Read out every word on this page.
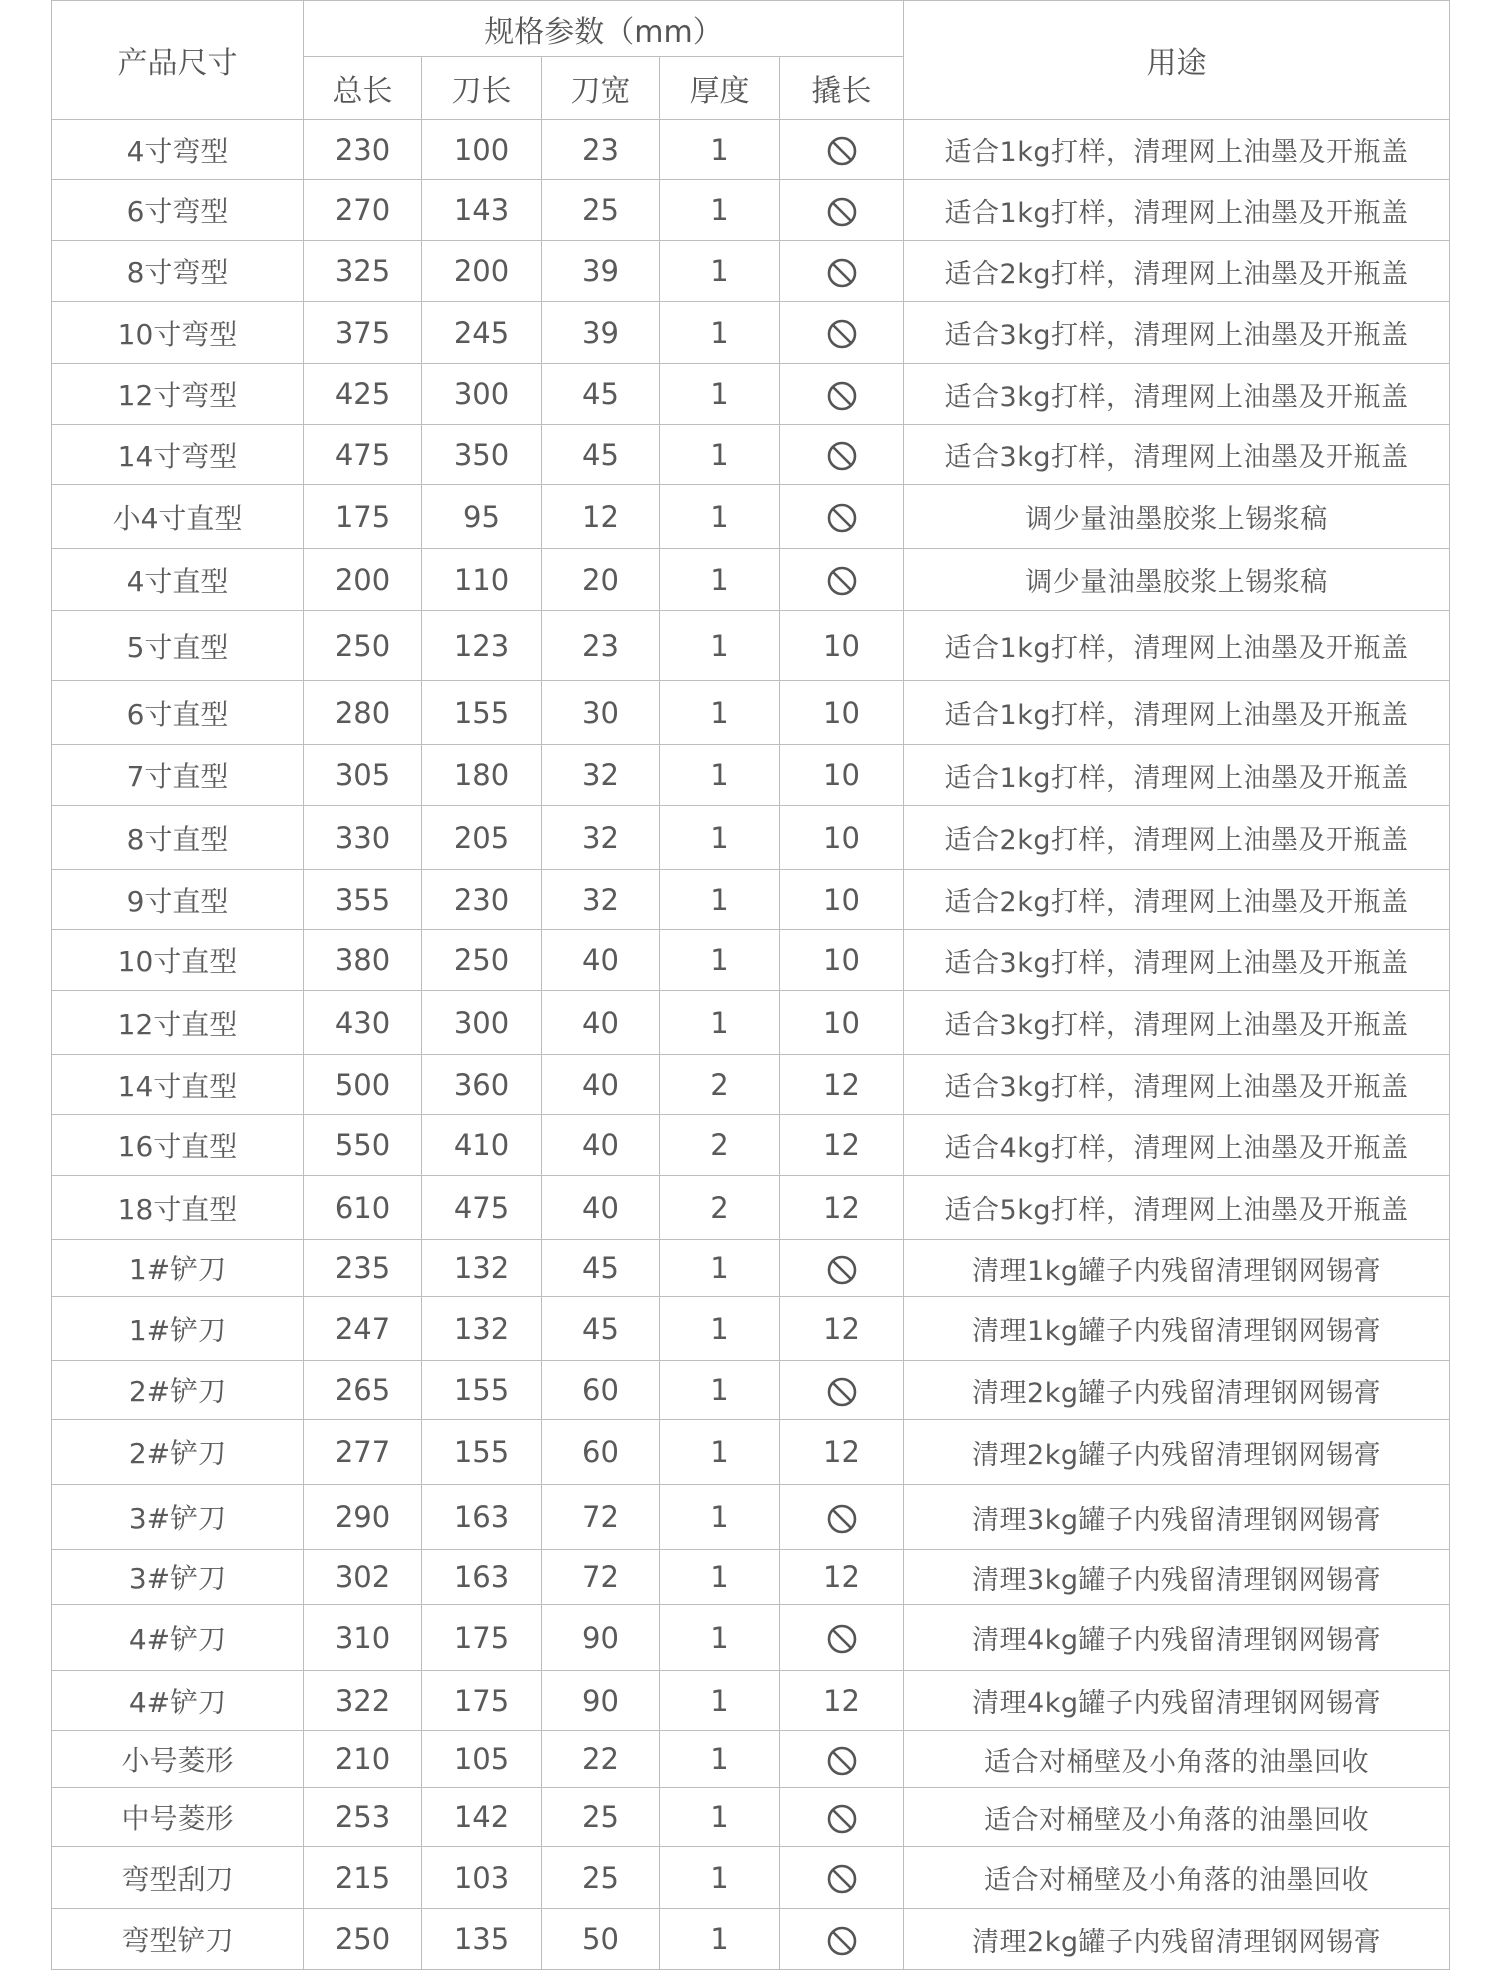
产品尺寸	规格参数（mm）					用途
	总长	刀长	刀宽	厚度	撬长	
4寸弯型	230	100	23	1		适合1kg打样，清理网上油墨及开瓶盖
6寸弯型	270	143	25	1		适合1kg打样，清理网上油墨及开瓶盖
8寸弯型	325	200	39	1		适合2kg打样，清理网上油墨及开瓶盖
10寸弯型	375	245	39	1		适合3kg打样，清理网上油墨及开瓶盖
12寸弯型	425	300	45	1		适合3kg打样，清理网上油墨及开瓶盖
14寸弯型	475	350	45	1		适合3kg打样，清理网上油墨及开瓶盖
小4寸直型	175	95	12	1		调少量油墨胶浆上锡浆稿
4寸直型	200	110	20	1		调少量油墨胶浆上锡浆稿
5寸直型	250	123	23	1	10	适合1kg打样，清理网上油墨及开瓶盖
6寸直型	280	155	30	1	10	适合1kg打样，清理网上油墨及开瓶盖
7寸直型	305	180	32	1	10	适合1kg打样，清理网上油墨及开瓶盖
8寸直型	330	205	32	1	10	适合2kg打样，清理网上油墨及开瓶盖
9寸直型	355	230	32	1	10	适合2kg打样，清理网上油墨及开瓶盖
10寸直型	380	250	40	1	10	适合3kg打样，清理网上油墨及开瓶盖
12寸直型	430	300	40	1	10	适合3kg打样，清理网上油墨及开瓶盖
14寸直型	500	360	40	2	12	适合3kg打样，清理网上油墨及开瓶盖
16寸直型	550	410	40	2	12	适合4kg打样，清理网上油墨及开瓶盖
18寸直型	610	475	40	2	12	适合5kg打样，清理网上油墨及开瓶盖
1#铲刀	235	132	45	1		清理1kg罐子内残留清理钢网锡膏
1#铲刀	247	132	45	1	12	清理1kg罐子内残留清理钢网锡膏
2#铲刀	265	155	60	1		清理2kg罐子内残留清理钢网锡膏
2#铲刀	277	155	60	1	12	清理2kg罐子内残留清理钢网锡膏
3#铲刀	290	163	72	1		清理3kg罐子内残留清理钢网锡膏
3#铲刀	302	163	72	1	12	清理3kg罐子内残留清理钢网锡膏
4#铲刀	310	175	90	1		清理4kg罐子内残留清理钢网锡膏
4#铲刀	322	175	90	1	12	清理4kg罐子内残留清理钢网锡膏
小号菱形	210	105	22	1		适合对桶壁及小角落的油墨回收
中号菱形	253	142	25	1		适合对桶壁及小角落的油墨回收
弯型刮刀	215	103	25	1		适合对桶壁及小角落的油墨回收
弯型铲刀	250	135	50	1		清理2kg罐子内残留清理钢网锡膏
